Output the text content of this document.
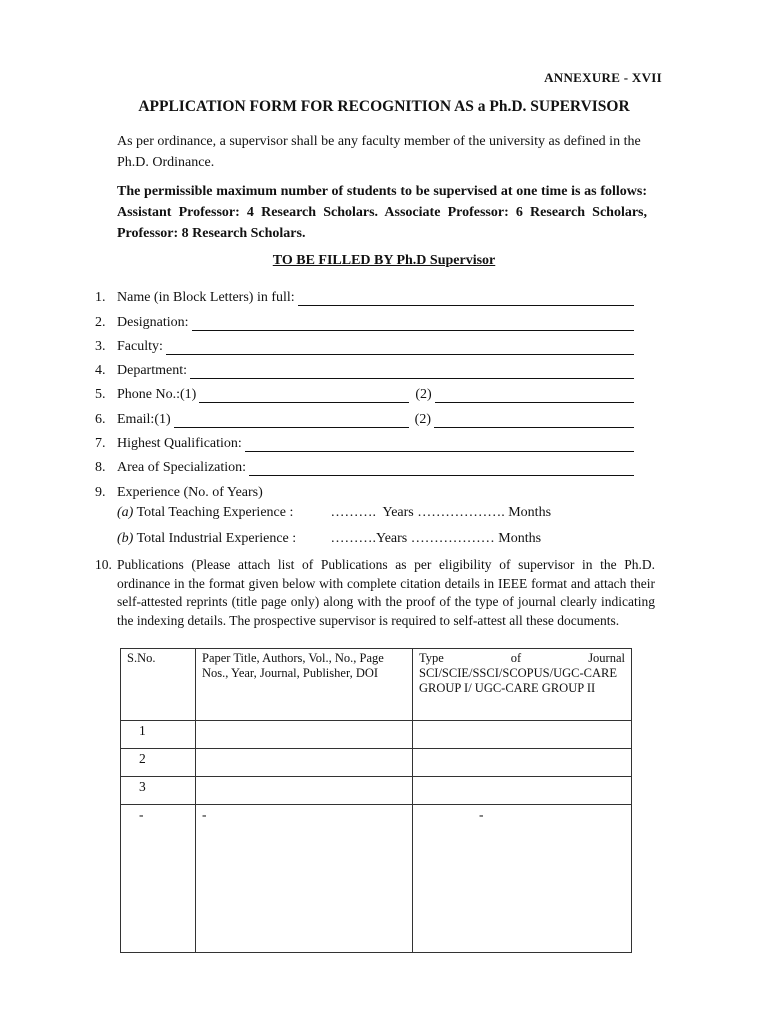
ANNEXURE - XVII
APPLICATION FORM FOR RECOGNITION AS a Ph.D. SUPERVISOR
As per ordinance, a supervisor shall be any faculty member of the university as defined in the Ph.D. Ordinance.
The permissible maximum number of students to be supervised at one time is as follows: Assistant Professor: 4 Research Scholars. Associate Professor: 6 Research Scholars, Professor: 8 Research Scholars.
TO BE FILLED BY Ph.D Supervisor
1. Name (in Block Letters) in full:
2. Designation:
3. Faculty:
4. Department:
5. Phone No.:(1)	(2)
6. Email:(1)	(2)
7. Highest Qualification:
8. Area of Specialization:
9. Experience (No. of Years)
(a) Total Teaching Experience :	……….  Years ………………. Months
(b) Total Industrial Experience : ……….Years ……………… Months
10. Publications (Please attach list of Publications as per eligibility of supervisor in the Ph.D. ordinance in the format given below with complete citation details in IEEE format and attach their self-attested reprints (title page only) along with the proof of the type of journal clearly indicating the indexing details. The prospective supervisor is required to self-attest all these documents.
S.No.	Paper Title, Authors, Vol., No., Page Nos., Year, Journal, Publisher, DOI	Type of Journal SCI/SCIE/SSCI/SCOPUS/UGC-CARE GROUP I/ UGC-CARE GROUP II
1		
2		
3		
-	-	-
